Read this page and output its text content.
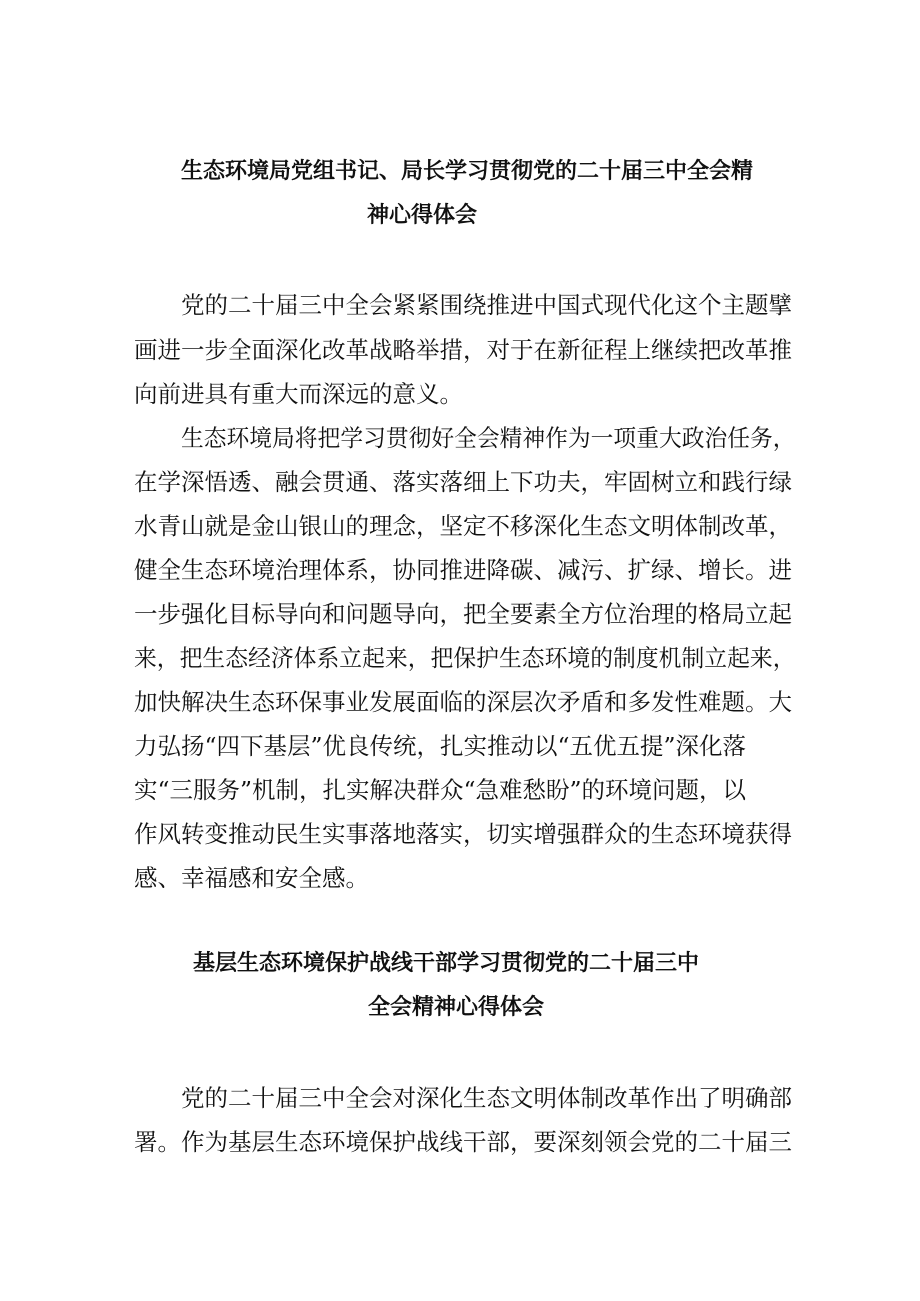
生态环境局党组书记、局长学习贯彻党的二十届三中全会精
神心得体会

党的二十届三中全会紧紧围绕推进中国式现代化这个主题擘

画进一步全面深化改革战略举措，对于在新征程上继续把改革推

向前进具有重大而深远的意义。

生态环境局将把学习贯彻好全会精神作为一项重大政治任务，

在学深悟透、融会贯通、落实落细上下功夫，牢固树立和践行绿

水青山就是金山银山的理念，坚定不移深化生态文明体制改革，

健全生态环境治理体系，协同推进降碳、减污、扩绿、增长。进

一步强化目标导向和问题导向，把全要素全方位治理的格局立起

来，把生态经济体系立起来，把保护生态环境的制度机制立起来，

加快解决生态环保事业发展面临的深层次矛盾和多发性难题。大

力弘扬“四下基层”优良传统，扎实推动以“五优五提”深化落

实“三服务”机制，扎实解决群众“急难愁盼”的环境问题，以

作风转变推动民生实事落地落实，切实增强群众的生态环境获得

感、幸福感和安全感。

基层生态环境保护战线干部学习贯彻党的二十届三中
全会精神心得体会

党的二十届三中全会对深化生态文明体制改革作出了明确部

署。作为基层生态环境保护战线干部，要深刻领会党的二十届三
